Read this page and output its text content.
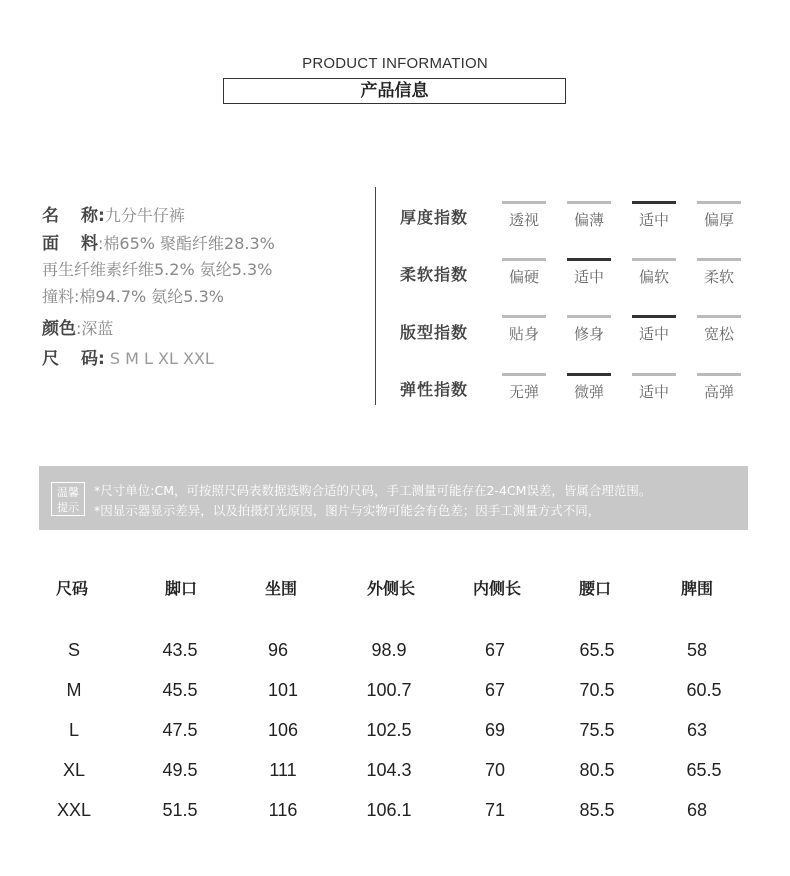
PRODUCT INFORMATION
产品信息
名 称:九分牛仔裤
面 料:棉65% 聚酯纤维28.3%
再生纤维素纤维5.2% 氨纶5.3%
撞料:棉94.7% 氨纶5.3%
颜色:深蓝
尺 码: S M L XL XXL
厚度指数	透视	偏薄	适中	偏厚
柔软指数	偏硬	适中	偏软	柔软
版型指数	贴身	修身	适中	宽松
弹性指数	无弹	微弹	适中	高弹
温馨
提示
*尺寸单位:CM，可按照尺码表数据选购合适的尺码，手工测量可能存在2-4CM误差，皆属合理范围。
*因显示器显示差异，以及拍摄灯光原因，图片与实物可能会有色差；因手工测量方式不同，
尺码	脚口	坐围	外侧长	内侧长	腰口	脾围
S	43.5	96	98.9	67	65.5	58
M	45.5	101	100.7	67	70.5	60.5
L	47.5	106	102.5	69	75.5	63
XL	49.5	111	104.3	70	80.5	65.5
XXL	51.5	116	106.1	71	85.5	68
